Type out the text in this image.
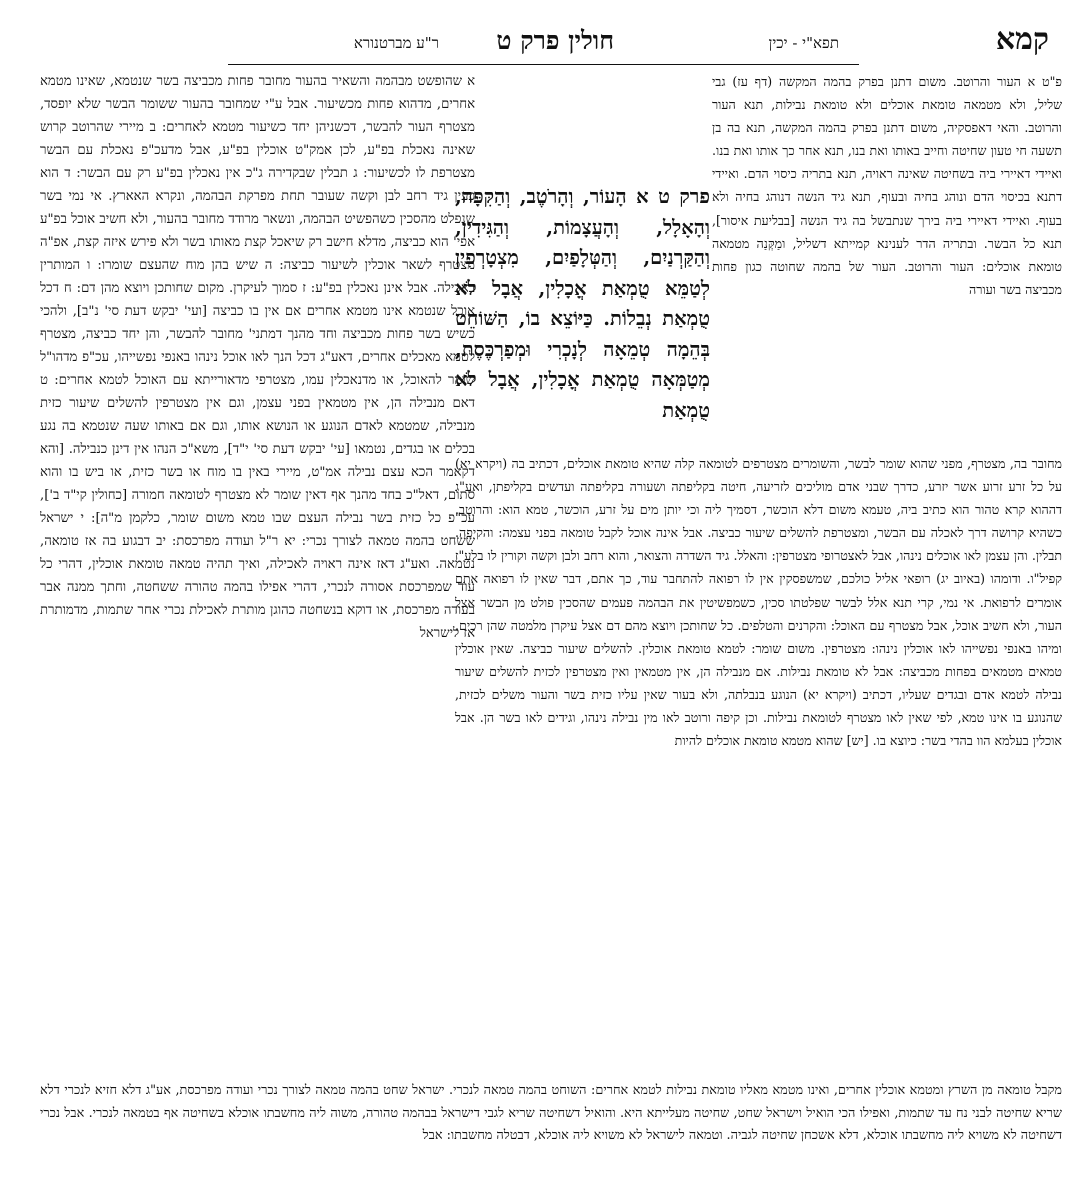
קמא
תפא"י - יכין
חולין פרק ט
ר"ע מברטנורא

פ"ט א העור והרוטב. משום דתנן בפרק בהמה המקשה (דף עז) גבי שליל, ולא מטמאה טומאת אוכלים ולא טומאת נבילות, תנא העור והרוטב. והאי דאפסקיה, משום דתנן בפרק בהמה המקשה, תנא בה בן תשעה חי טעון שחיטה וחייב באותו ואת בנו, תנא אחר כך אותו ואת בנו. ואיידי דאיירי ביה בשחיטה שאינה ראויה, תנא בתריה כיסוי הדם. ואיידי דתנא בכיסוי הדם ונוהג בחיה ובעוף, תנא גיד הנשה דנוהג בחיה ולא בעוף. ואיידי דאיירי ביה בירך שנתבשל בה גיד הנשה [בבליעת איסור], תנא כל הבשר. ובתריה הדר לענינא קמייתא דשליל, ומַקְּנַה מטמאה טומאת אוכלים: העור והרוטב. העור של בהמה שחוטה כגון פחות מכביצה בשר ועורה

פרק ט א הָעוֹר, וְהָרֹטֶב, וְהַקִּפָּה, וְהָאָלָל, וְהָעֲצָמוֹת, וְהַגִּידִין, וְהַקַּרְנַיִם, וְהַטְּלָפַיִם, מִצְטָרְפִין לְטַמֵּא טֻמְאַת אֳכָלִין, אֲבָל לֹא טֻמְאַת נְבֵלוֹת. כַּיּוֹצֵא בוֹ, הַשּׁוֹחֵט בְּהֵמָה טְמֵאָה לְנָכְרִי וּמְפַרְכֶּסֶת, מְטַמְּאָה טֻמְאַת אֳכָלִין, אֲבָל לֹא טֻמְאַת

מחובר בה, מצטרף, מפני שהוא שומר לבשר, והשומרים מצטרפים לטומאה קלה שהיא טומאת אוכלים, דכתיב בה (ויקרא יא) על כל זרע זרוע אשר יזרע, כדרך שבני אדם מוליכים לזריעה, חיטה בקליפתה ושעורה בקליפתה ועדשים בקליפתן, ואע"ג דההוא קרא טהור הוא כתיב ביה, טעמא משום דלא הוכשר, דסמיך ליה וכי יותן מים על זרע, הוכשר, טמא הוא: והרוטב. כשהיא קרושה דרך לאכלה עם הבשר, ומצטרפת להשלים שיעור כביצה. אבל אינה אוכל לקבל טומאה בפני עצמה: והקיפה. תבלין. והן עצמן לאו אוכלים נינהו, אבל לאצטרופי מצטרפין: והאלל. גיד השדרה והצואר, והוא רחב ולבן וקשה וקורין לו בלע"ז קפיל"ו. ודומהו (באיוב יג) רופאי אליל כולכם, שמשפסקין אין לו רפואה להתחבר עוד, כך אתם, דבר שאין לו רפואה אתם אומרים לרפואת. אי נמי, קרי תנא אלל לבשר שפלטתו סכין, כשמפשיטין את הבהמה פעמים שהסכין פולט מן הבשר אצל העור, ולא חשיב אוכל, אבל מצטרף עם האוכל: והקרנים והטלפים. כל שחותכן ויוצא מהם דם אצל עיקרן מלמטה שהן רכים. ומיהו באנפי נפשייהו לאו אוכלין נינהו: מצטרפין. משום שומר: לטמא טומאת אוכלין. להשלים שיעור כביצה. שאין אוכלין טמאים מטמאים בפחות מכביצה: אבל לא טומאת נבילות. אם מנבילה הן, אין מטמאין ואין מצטרפין לכזית להשלים שיעור נבילה לטמא אדם ובגדים שעליו, דכתיב (ויקרא יא) הנוגע בנבלתה, ולא בעור שאין עליו כזית בשר והעור משלים לכזית, שהנוגע בו אינו טמא, לפי שאין לאו מצטרף לטומאת נבילות. וכן קיפה ורוטב לאו מין נבילה נינהו, וגידים לאו בשר הן. אבל אוכלין בעלמא הוו בהדי בשר: כיוצא בו. [יש] שהוא מטמא טומאת אוכלים להיות

א שהופשט מבהמה והשאיר בהעור מחובר פחות מכביצה בשר שנטמא, שאינו מטמא אחרים, מדהוא פחות מכשיעור. אבל ע"י שמחובר בהעור ששומר הבשר שלא יופסד, מצטרף העור להבשר, דכשניהן יחד כשיעור מטמא לאחרים: ב מיירי שהרוטב קרוש שאינה נאכלת בפ"ע, לכן אמק"ט אוכלין בפ"ע, אבל מדעכ"פ נאכלת עם הבשר מצטרפת לו לכשיעור: ג תבלין שבקדירה ג"כ אין נאכלין בפ"ע רק עם הבשר: ד הוא כעין גיד רחב לבן וקשה שעובר תחת מפרקת הבהמה, ונקרא האארץ. אי נמי בשר שנפלט מהסכין כשהפשיט הבהמה, ונשאר מרודד מחובר בהעור, ולא חשיב אוכל בפ"ע אפי' הוא כביצה, מדלא חישב רק שיאכל קצת מאותו בשר ולא פירש איזה קצת, אפ"ה מצטרף לשאר אוכלין לשיעור כביצה: ה שיש בהן מוח שהעצם שומרו: ו המותרין באכילה. אבל אינן נאכלין בפ"ע: ז סמוך לעיקרן. מקום שחותכן ויוצא מהן דם: ח דכל אוכל שנטמא אינו מטמא אחרים אם אין בו כביצה [ועי' יבקש דעת סי' נ"ב], ולהכי כשיש בשר פחות מכביצה וחד מהנך דמתני' מחובר להבשר, והן יחד כביצה, מצטרף לטמא מאכלים אחרים, דאע"ג דכל הנך לאו אוכל נינהו באנפי נפשייהו, עכ"פ מדהו"ל שומר להאוכל, או מדנאכלין עמו, מצטרפי מדאורייתא עם האוכל לטמא אחרים: ט דאם מנבילה הן, אין מטמאין בפני עצמן, וגם אין מצטרפין להשלים שיעור כזית מנבילה, שמטמא לאדם הנוגע או הנושא אותו, וגם אם באותו שעה שנטמא בה נגע בכלים או בגדים, נטמאו [עי' יבקש דעת סי' י"ד], משא"כ הנהו אין דינן כנבילה. [והא דקאמר הכא עצם נבילה אמ"ט, מיירי באין בו מוח או בשר כזית, או ביש בו והוא סתום, דאל"כ בחד מהנך אף דאין שומר לא מצטרף לטומאה חמורה [כחולין קי"ד ב'], עכ"פ כל כזית בשר נבילה העצם שבו טמא משום שומר, כלקמן מ"ה]: י ישראל ששחט בהמה טמאה לצורך נכרי: יא ר"ל ועודה מפרכסת: יב דבגוע בה אז טומאה, נטמאה. ואע"ג דאז אינה ראויה לאכילה, ואיך תהיה טמאה טומאת אוכלין, דהרי כל עוד שמפרכסת אסורה לנכרי, דהרי אפילו בהמה טהורה ששחטה, וחתך ממנה אבר בעודה מפרכסת, או דוקא בנשחטה כהוגן מותרת לאכילת נכרי אחר שתמות, מדמותרת אז לישראל

מקבל טומאה מן השרץ ומטמא אוכלין אחרים, ואינו מטמא מאליו טומאת נבילות לטמא אחרים: השוחט בהמה טמאה לנכרי. ישראל שחט בהמה טמאה לצורך נכרי ועודה מפרכסת, אע"ג דלא חזיא לנכרי דלא שריא שחיטה לבני נח עד שתמות, ואפילו הכי הואיל וישראל שחט, שחיטה מעלייתא היא. והואיל דשחיטה שריא לגבי דישראל בבהמה טהורה, משוה ליה מחשבתו אוכלא בשחיטה אף בטמאה לנכרי. אבל נכרי דשחיטה לא משויא ליה מחשבתו אוכלא, דלא אשכחן שחיטה לגביה. וטמאה לישראל לא משויא ליה אוכלא, דבטלה מחשבתו: אבל
